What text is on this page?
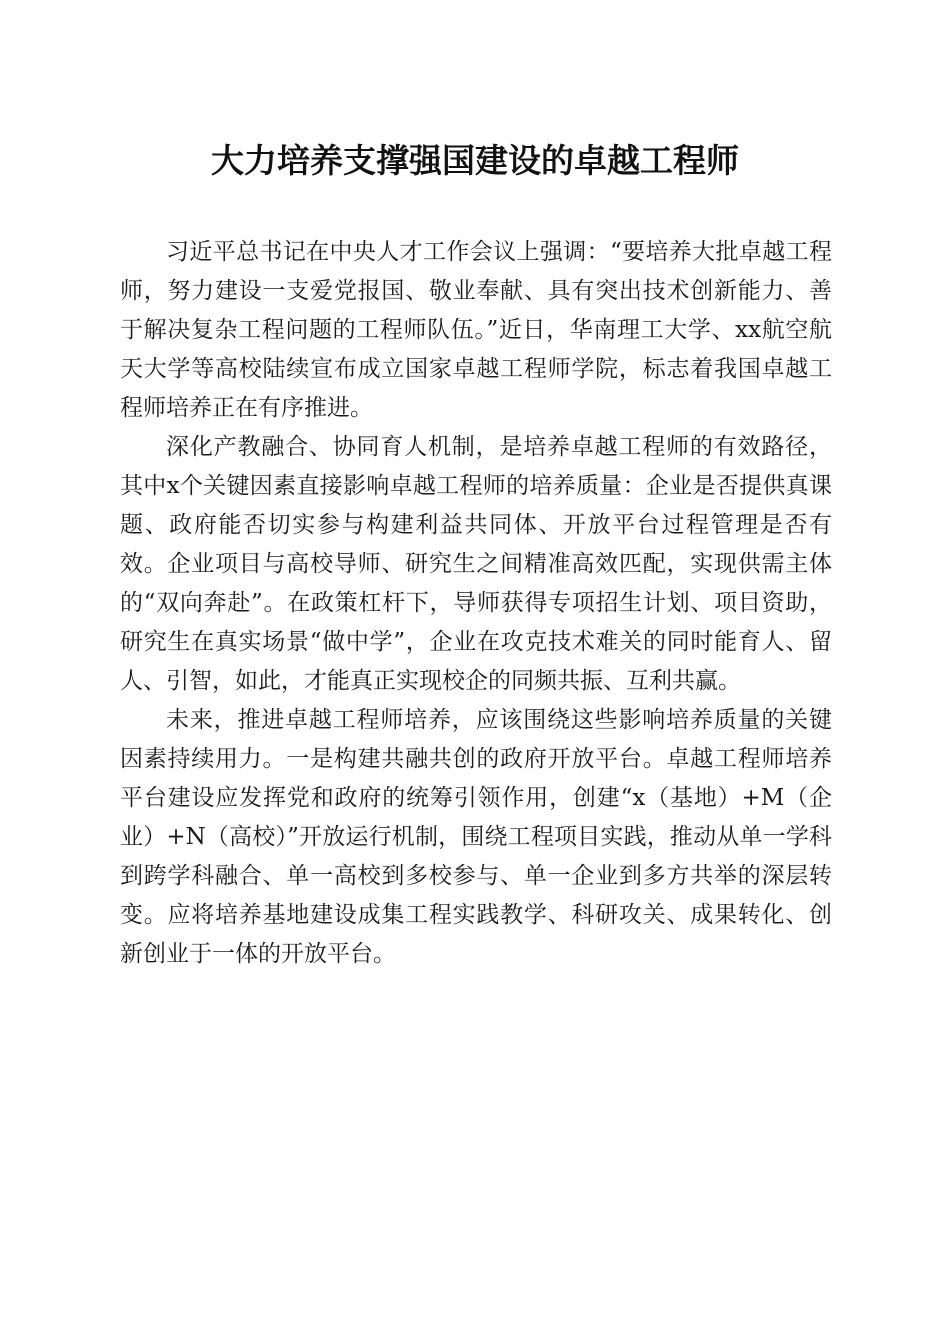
大力培养支撑强国建设的卓越工程师

习近平总书记在中央人才工作会议上强调：“要培养大批卓越工程师，努力建设一支爱党报国、敬业奉献、具有突出技术创新能力、善于解决复杂工程问题的工程师队伍。”近日，华南理工大学、xx航空航天大学等高校陆续宣布成立国家卓越工程师学院，标志着我国卓越工程师培养正在有序推进。

深化产教融合、协同育人机制，是培养卓越工程师的有效路径，其中x个关键因素直接影响卓越工程师的培养质量：企业是否提供真课题、政府能否切实参与构建利益共同体、开放平台过程管理是否有效。企业项目与高校导师、研究生之间精准高效匹配，实现供需主体的“双向奔赴”。在政策杠杆下，导师获得专项招生计划、项目资助，研究生在真实场景“做中学”，企业在攻克技术难关的同时能育人、留人、引智，如此，才能真正实现校企的同频共振、互利共赢。

未来，推进卓越工程师培养，应该围绕这些影响培养质量的关键因素持续用力。一是构建共融共创的政府开放平台。卓越工程师培养平台建设应发挥党和政府的统筹引领作用，创建“x（基地）+M（企业）+N（高校）”开放运行机制，围绕工程项目实践，推动从单一学科到跨学科融合、单一高校到多校参与、单一企业到多方共举的深层转变。应将培养基地建设成集工程实践教学、科研攻关、成果转化、创新创业于一体的开放平台。
